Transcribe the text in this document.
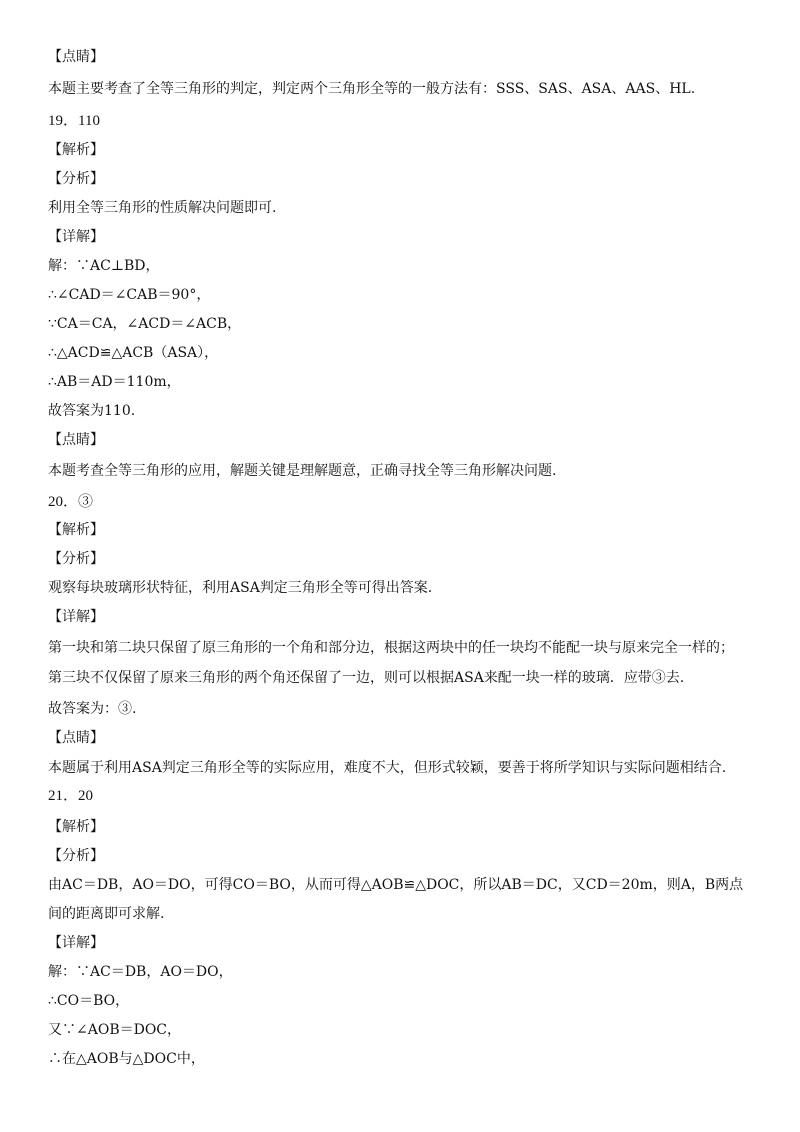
【点睛】
本题主要考查了全等三角形的判定，判定两个三角形全等的一般方法有：SSS、SAS、ASA、AAS、HL.
19．110
【解析】
【分析】
利用全等三角形的性质解决问题即可.
【详解】
解：∵AC⊥BD，
∴∠CAD＝∠CAB＝90°，
∵CA＝CA，∠ACD＝∠ACB，
∴△ACD≌△ACB（ASA），
∴AB＝AD＝110m，
故答案为110.
【点睛】
本题考查全等三角形的应用，解题关键是理解题意，正确寻找全等三角形解决问题.
20．③
【解析】
【分析】
观察每块玻璃形状特征，利用ASA判定三角形全等可得出答案.
【详解】
第一块和第二块只保留了原三角形的一个角和部分边，根据这两块中的任一块均不能配一块与原来完全一样的；
第三块不仅保留了原来三角形的两个角还保留了一边，则可以根据ASA来配一块一样的玻璃．应带③去.
故答案为：③.
【点睛】
本题属于利用ASA判定三角形全等的实际应用，难度不大，但形式较颖，要善于将所学知识与实际问题相结合.
21．20
【解析】
【分析】
由AC＝DB，AO＝DO，可得CO＝BO，从而可得△AOB≌△DOC，所以AB＝DC，又CD＝20m，则A，B两点
间的距离即可求解.
【详解】
解：∵AC＝DB，AO＝DO，
∴CO＝BO，
又∵∠AOB＝DOC，
∴在△AOB与△DOC中，
